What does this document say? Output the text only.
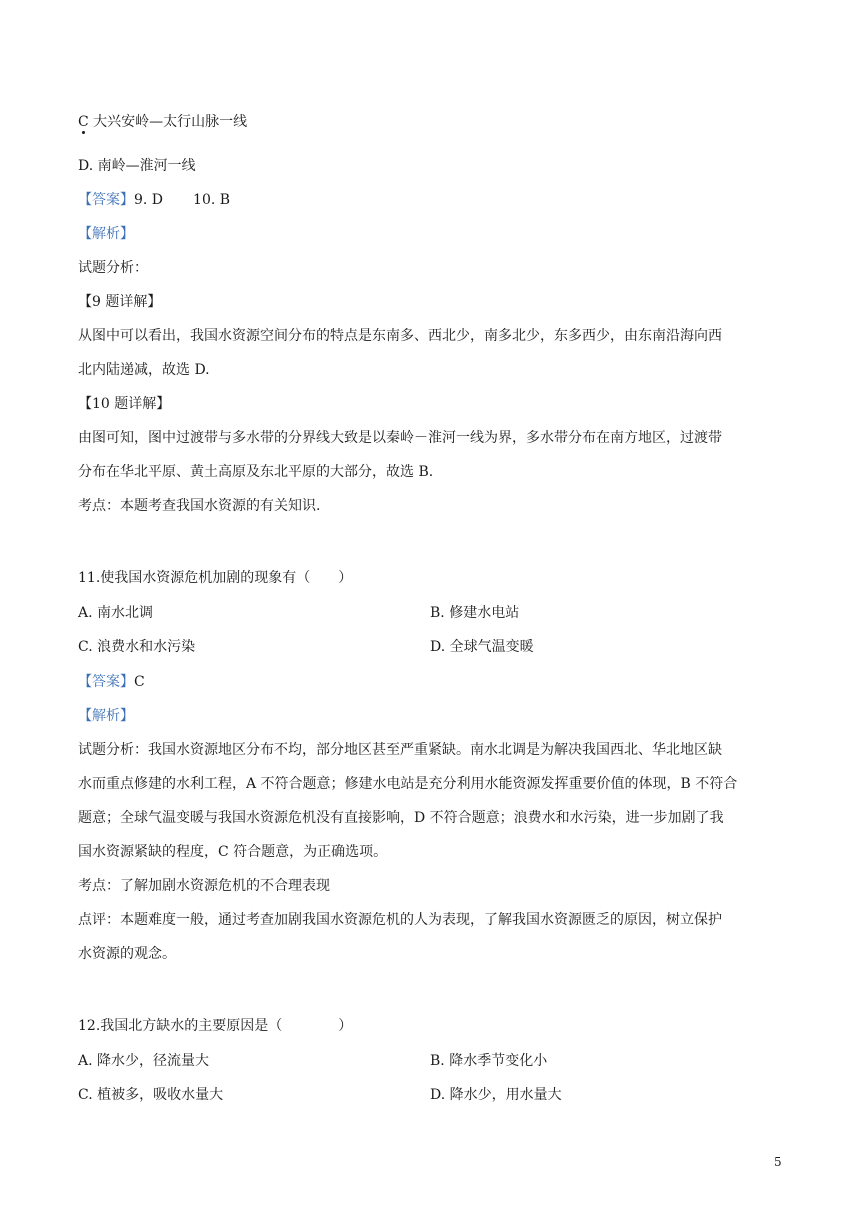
C 大兴安岭—太行山脉一线
D. 南岭—淮河一线
【答案】9. D 10. B
【解析】
试题分析：
【9 题详解】
从图中可以看出，我国水资源空间分布的特点是东南多、西北少，南多北少，东多西少，由东南沿海向西
北内陆递减，故选 D.
【10 题详解】
由图可知，图中过渡带与多水带的分界线大致是以秦岭－淮河一线为界，多水带分布在南方地区，过渡带
分布在华北平原、黄土高原及东北平原的大部分，故选 B.
考点：本题考查我国水资源的有关知识.
11.使我国水资源危机加剧的现象有（　　）
A. 南水北调	B. 修建水电站
C. 浪费水和水污染	D. 全球气温变暖
【答案】C
【解析】
试题分析：我国水资源地区分布不均，部分地区甚至严重紧缺。南水北调是为解决我国西北、华北地区缺
水而重点修建的水利工程，A 不符合题意；修建水电站是充分利用水能资源发挥重要价值的体现，B 不符合
题意；全球气温变暖与我国水资源危机没有直接影响，D 不符合题意；浪费水和水污染，进一步加剧了我
国水资源紧缺的程度，C 符合题意，为正确选项。
考点：了解加剧水资源危机的不合理表现
点评：本题难度一般，通过考查加剧我国水资源危机的人为表现，了解我国水资源匮乏的原因，树立保护
水资源的观念。
12.我国北方缺水的主要原因是（　　　　）
A. 降水少，径流量大	B. 降水季节变化小
C. 植被多，吸收水量大	D. 降水少，用水量大
5
